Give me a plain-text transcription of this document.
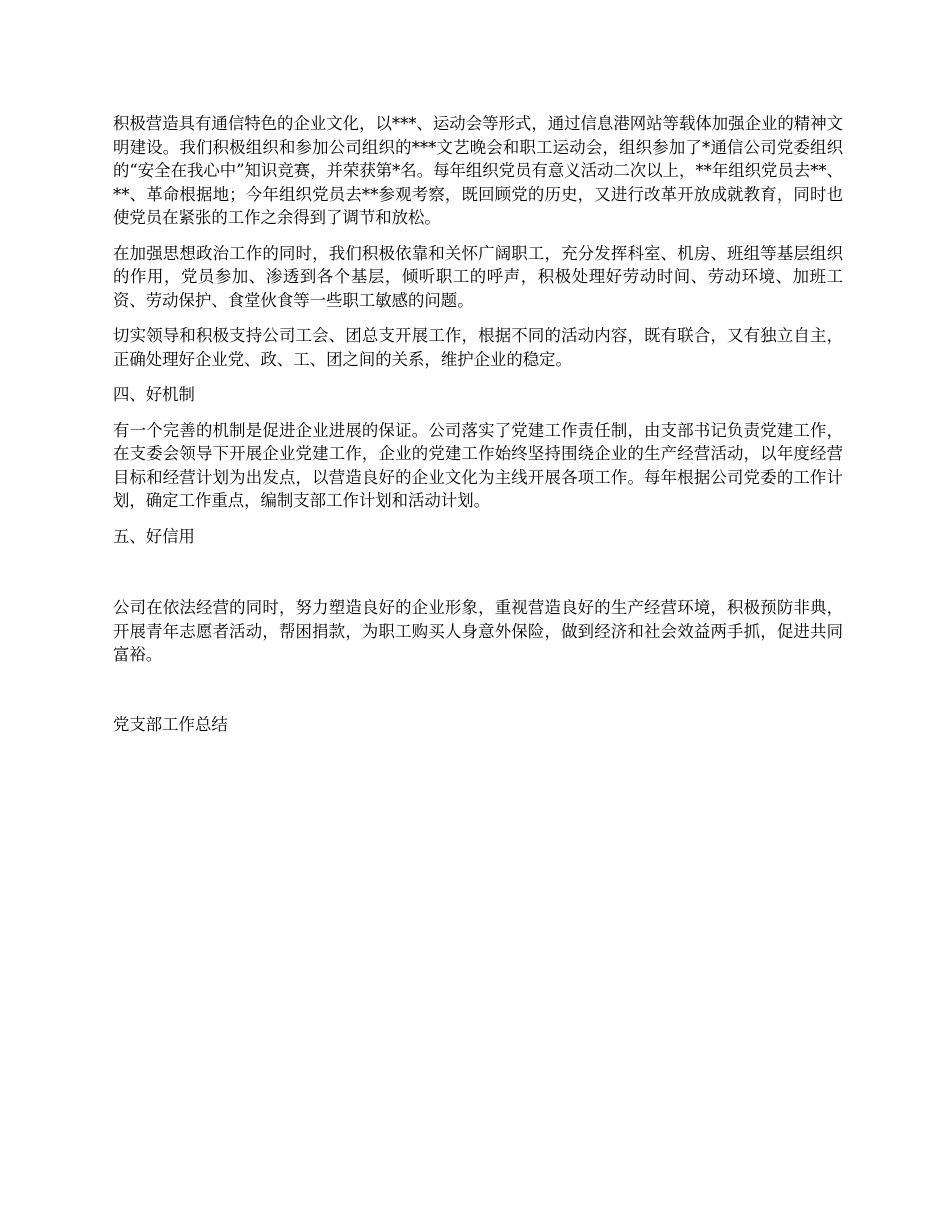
积极营造具有通信特色的企业文化，以***、运动会等形式，通过信息港网站等载体加强企业的精神文明建设。我们积极组织和参加公司组织的***文艺晚会和职工运动会，组织参加了*通信公司党委组织的“安全在我心中”知识竞赛，并荣获第*名。每年组织党员有意义活动二次以上，**年组织党员去**、**、革命根据地；今年组织党员去**参观考察，既回顾党的历史，又进行改革开放成就教育，同时也使党员在紧张的工作之余得到了调节和放松。

在加强思想政治工作的同时，我们积极依靠和关怀广阔职工，充分发挥科室、机房、班组等基层组织的作用，党员参加、渗透到各个基层，倾听职工的呼声，积极处理好劳动时间、劳动环境、加班工资、劳动保护、食堂伙食等一些职工敏感的问题。

切实领导和积极支持公司工会、团总支开展工作，根据不同的活动内容，既有联合，又有独立自主，正确处理好企业党、政、工、团之间的关系，维护企业的稳定。

四、好机制

有一个完善的机制是促进企业进展的保证。公司落实了党建工作责任制，由支部书记负责党建工作，在支委会领导下开展企业党建工作，企业的党建工作始终坚持围绕企业的生产经营活动，以年度经营目标和经营计划为出发点，以营造良好的企业文化为主线开展各项工作。每年根据公司党委的工作计划，确定工作重点，编制支部工作计划和活动计划。

五、好信用

公司在依法经营的同时，努力塑造良好的企业形象，重视营造良好的生产经营环境，积极预防非典，开展青年志愿者活动，帮困捐款，为职工购买人身意外保险，做到经济和社会效益两手抓，促进共同富裕。

党支部工作总结
